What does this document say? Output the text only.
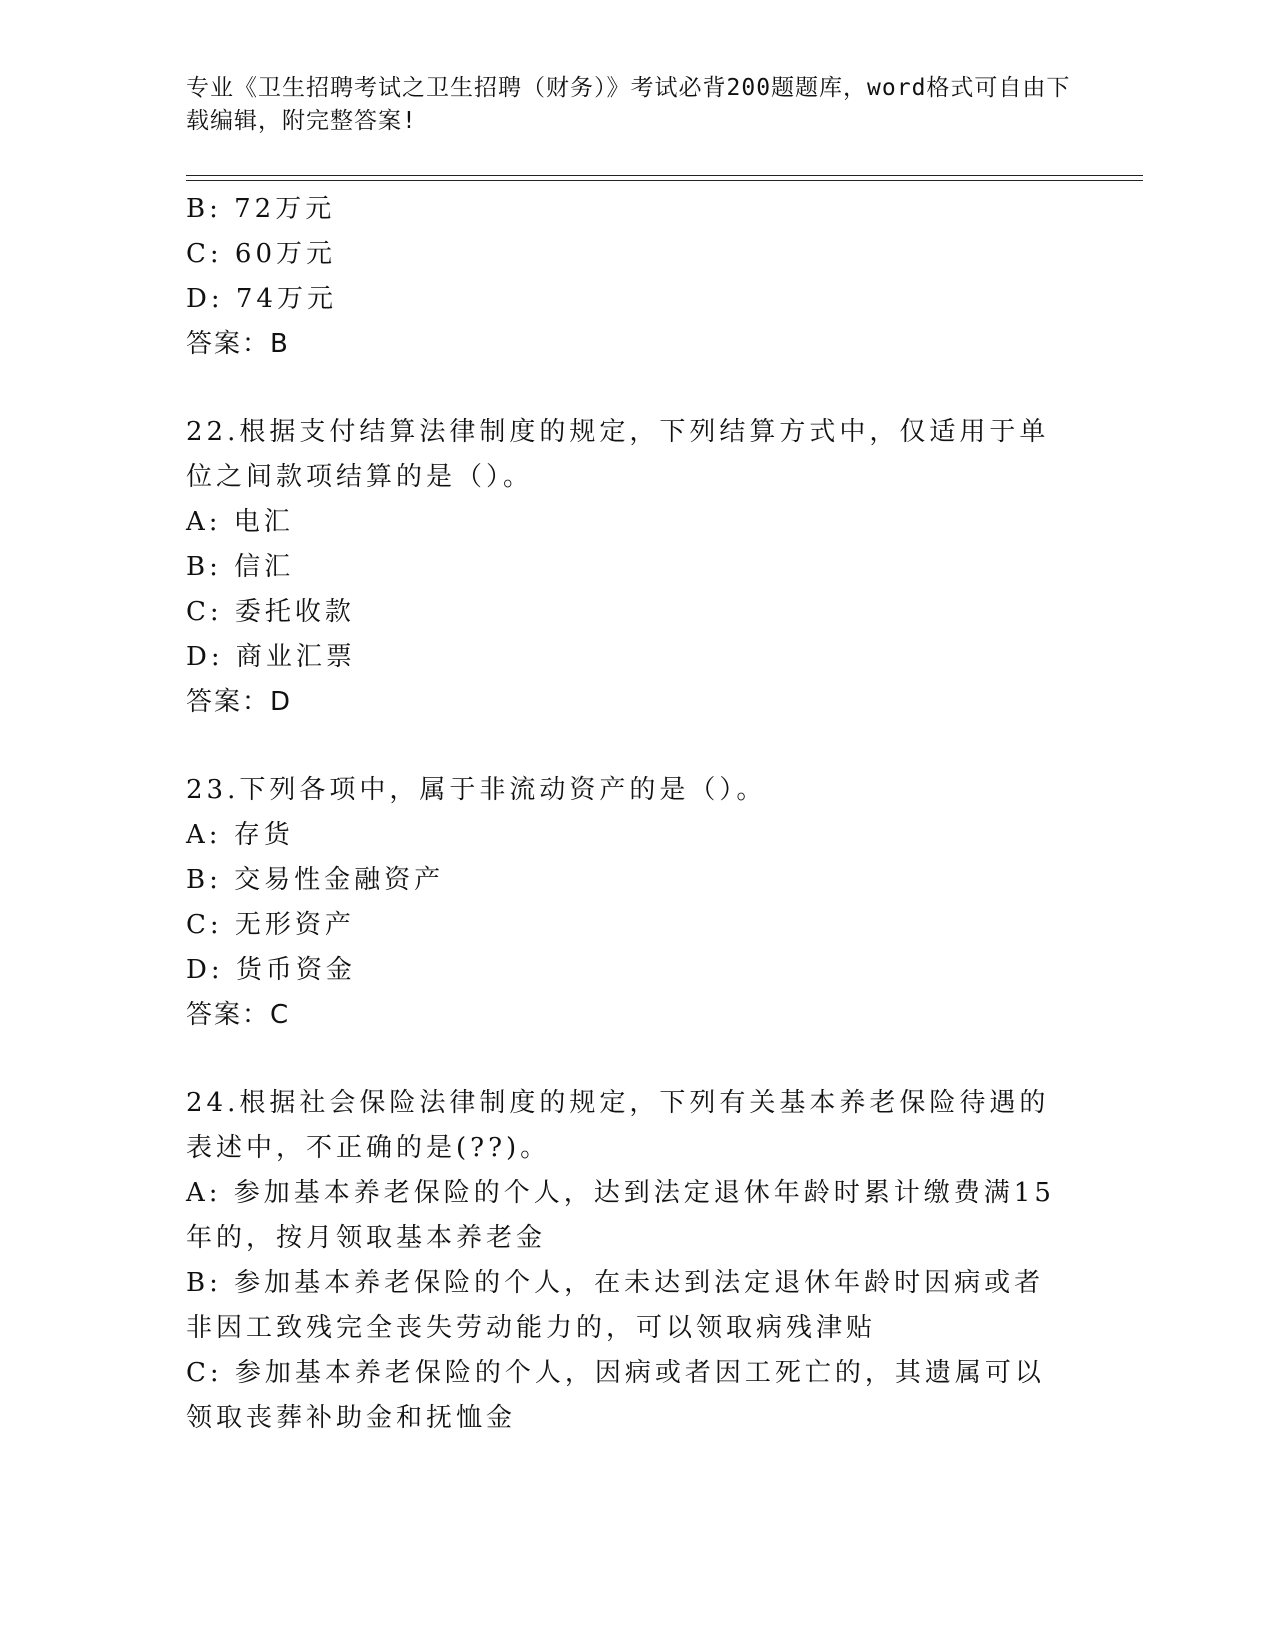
专业《卫生招聘考试之卫生招聘（财务）》考试必背200题题库，word格式可自由下载编辑，附完整答案!
B: 72万元
C: 60万元
D: 74万元
答案：B
22.根据支付结算法律制度的规定，下列结算方式中，仅适用于单位之间款项结算的是（）。
A: 电汇
B: 信汇
C: 委托收款
D: 商业汇票
答案：D
23.下列各项中，属于非流动资产的是（）。
A: 存货
B: 交易性金融资产
C: 无形资产
D: 货币资金
答案：C
24.根据社会保险法律制度的规定，下列有关基本养老保险待遇的表述中，不正确的是(??)。
A: 参加基本养老保险的个人，达到法定退休年龄时累计缴费满15年的，按月领取基本养老金
B: 参加基本养老保险的个人，在未达到法定退休年龄时因病或者非因工致残完全丧失劳动能力的，可以领取病残津贴
C: 参加基本养老保险的个人，因病或者因工死亡的，其遗属可以领取丧葬补助金和抚恤金
